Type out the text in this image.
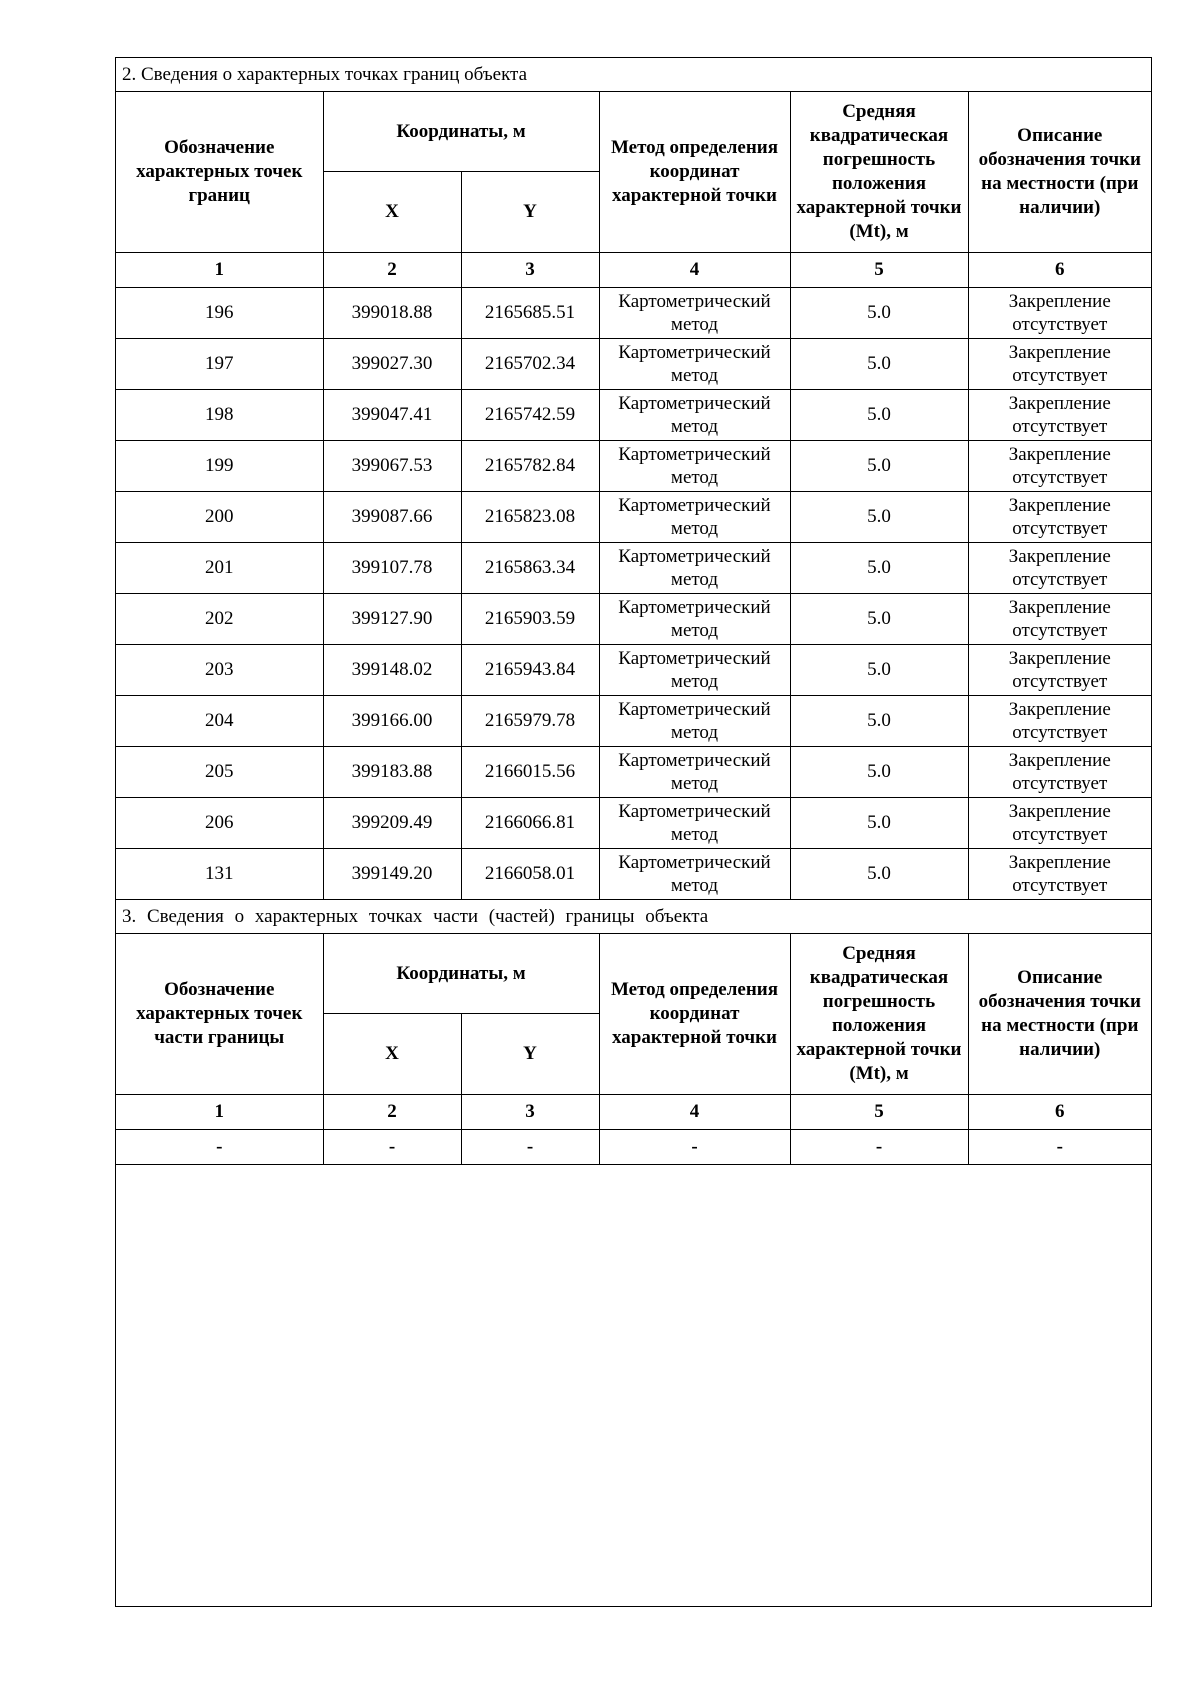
2. Сведения о характерных точках границ объекта					
Обозначение характерных точек границ	Координаты, м		Метод определения координат характерной точки	Средняя квадратическая погрешность положения характерной точки (Mt), м	Описание обозначения точки на местности (при наличии)
	X	Y			
1	2	3	4	5	6
196	399018.88	2165685.51	Картометрический метод	5.0	Закрепление отсутствует
197	399027.30	2165702.34	Картометрический метод	5.0	Закрепление отсутствует
198	399047.41	2165742.59	Картометрический метод	5.0	Закрепление отсутствует
199	399067.53	2165782.84	Картометрический метод	5.0	Закрепление отсутствует
200	399087.66	2165823.08	Картометрический метод	5.0	Закрепление отсутствует
201	399107.78	2165863.34	Картометрический метод	5.0	Закрепление отсутствует
202	399127.90	2165903.59	Картометрический метод	5.0	Закрепление отсутствует
203	399148.02	2165943.84	Картометрический метод	5.0	Закрепление отсутствует
204	399166.00	2165979.78	Картометрический метод	5.0	Закрепление отсутствует
205	399183.88	2166015.56	Картометрический метод	5.0	Закрепление отсутствует
206	399209.49	2166066.81	Картометрический метод	5.0	Закрепление отсутствует
131	399149.20	2166058.01	Картометрический метод	5.0	Закрепление отсутствует
3. Сведения о характерных точках части (частей) границы объекта					
Обозначение характерных точек части границы	Координаты, м		Метод определения координат характерной точки	Средняя квадратическая погрешность положения характерной точки (Mt), м	Описание обозначения точки на местности (при наличии)
	X	Y			
1	2	3	4	5	6
-	-	-	-	-	-
